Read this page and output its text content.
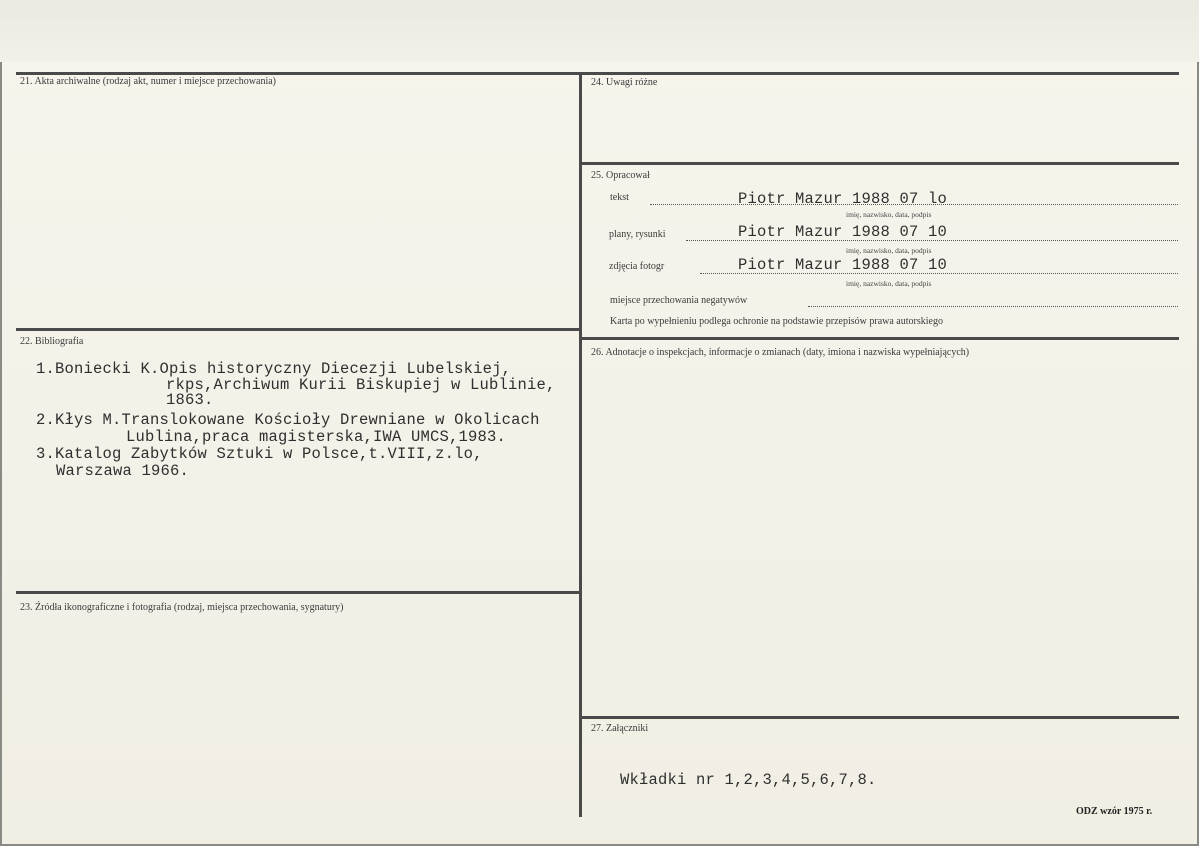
21. Akta archiwalne (rodzaj akt, numer i miejsce przechowania)
22. Bibliografia
23. Źródła ikonograficzne i fotografia (rodzaj, miejsca przechowania, sygnatury)
1.Boniecki K.Opis historyczny Diecezji Lubelskiej,
rkps,Archiwum Kurii Biskupiej w Lublinie,
1863.
2.Kłys M.Translokowane Kościoły Drewniane w Okolicach
Lublina,praca magisterska,IWA UMCS,1983.
3.Katalog Zabytków Sztuki w Polsce,t.VIII,z.lo,
Warszawa 1966.
24. Uwagi różne
25. Opracował
tekst	Piotr Mazur 1988 07 lo
imię, nazwisko, data, podpis
plany, rysunki	Piotr Mazur 1988 07 10
imię, nazwisko, data, podpis
zdjęcia fotogr	Piotr Mazur 1988 07 10
imię, nazwisko, data, podpis
miejsce przechowania negatywów
Karta po wypełnieniu podlega ochronie na podstawie przepisów prawa autorskiego
26. Adnotacje o inspekcjach, informacje o zmianach (daty, imiona i nazwiska wypełniających)
27. Załączniki
Wkładki nr 1,2,3,4,5,6,7,8.
ODZ wzór 1975 r.
